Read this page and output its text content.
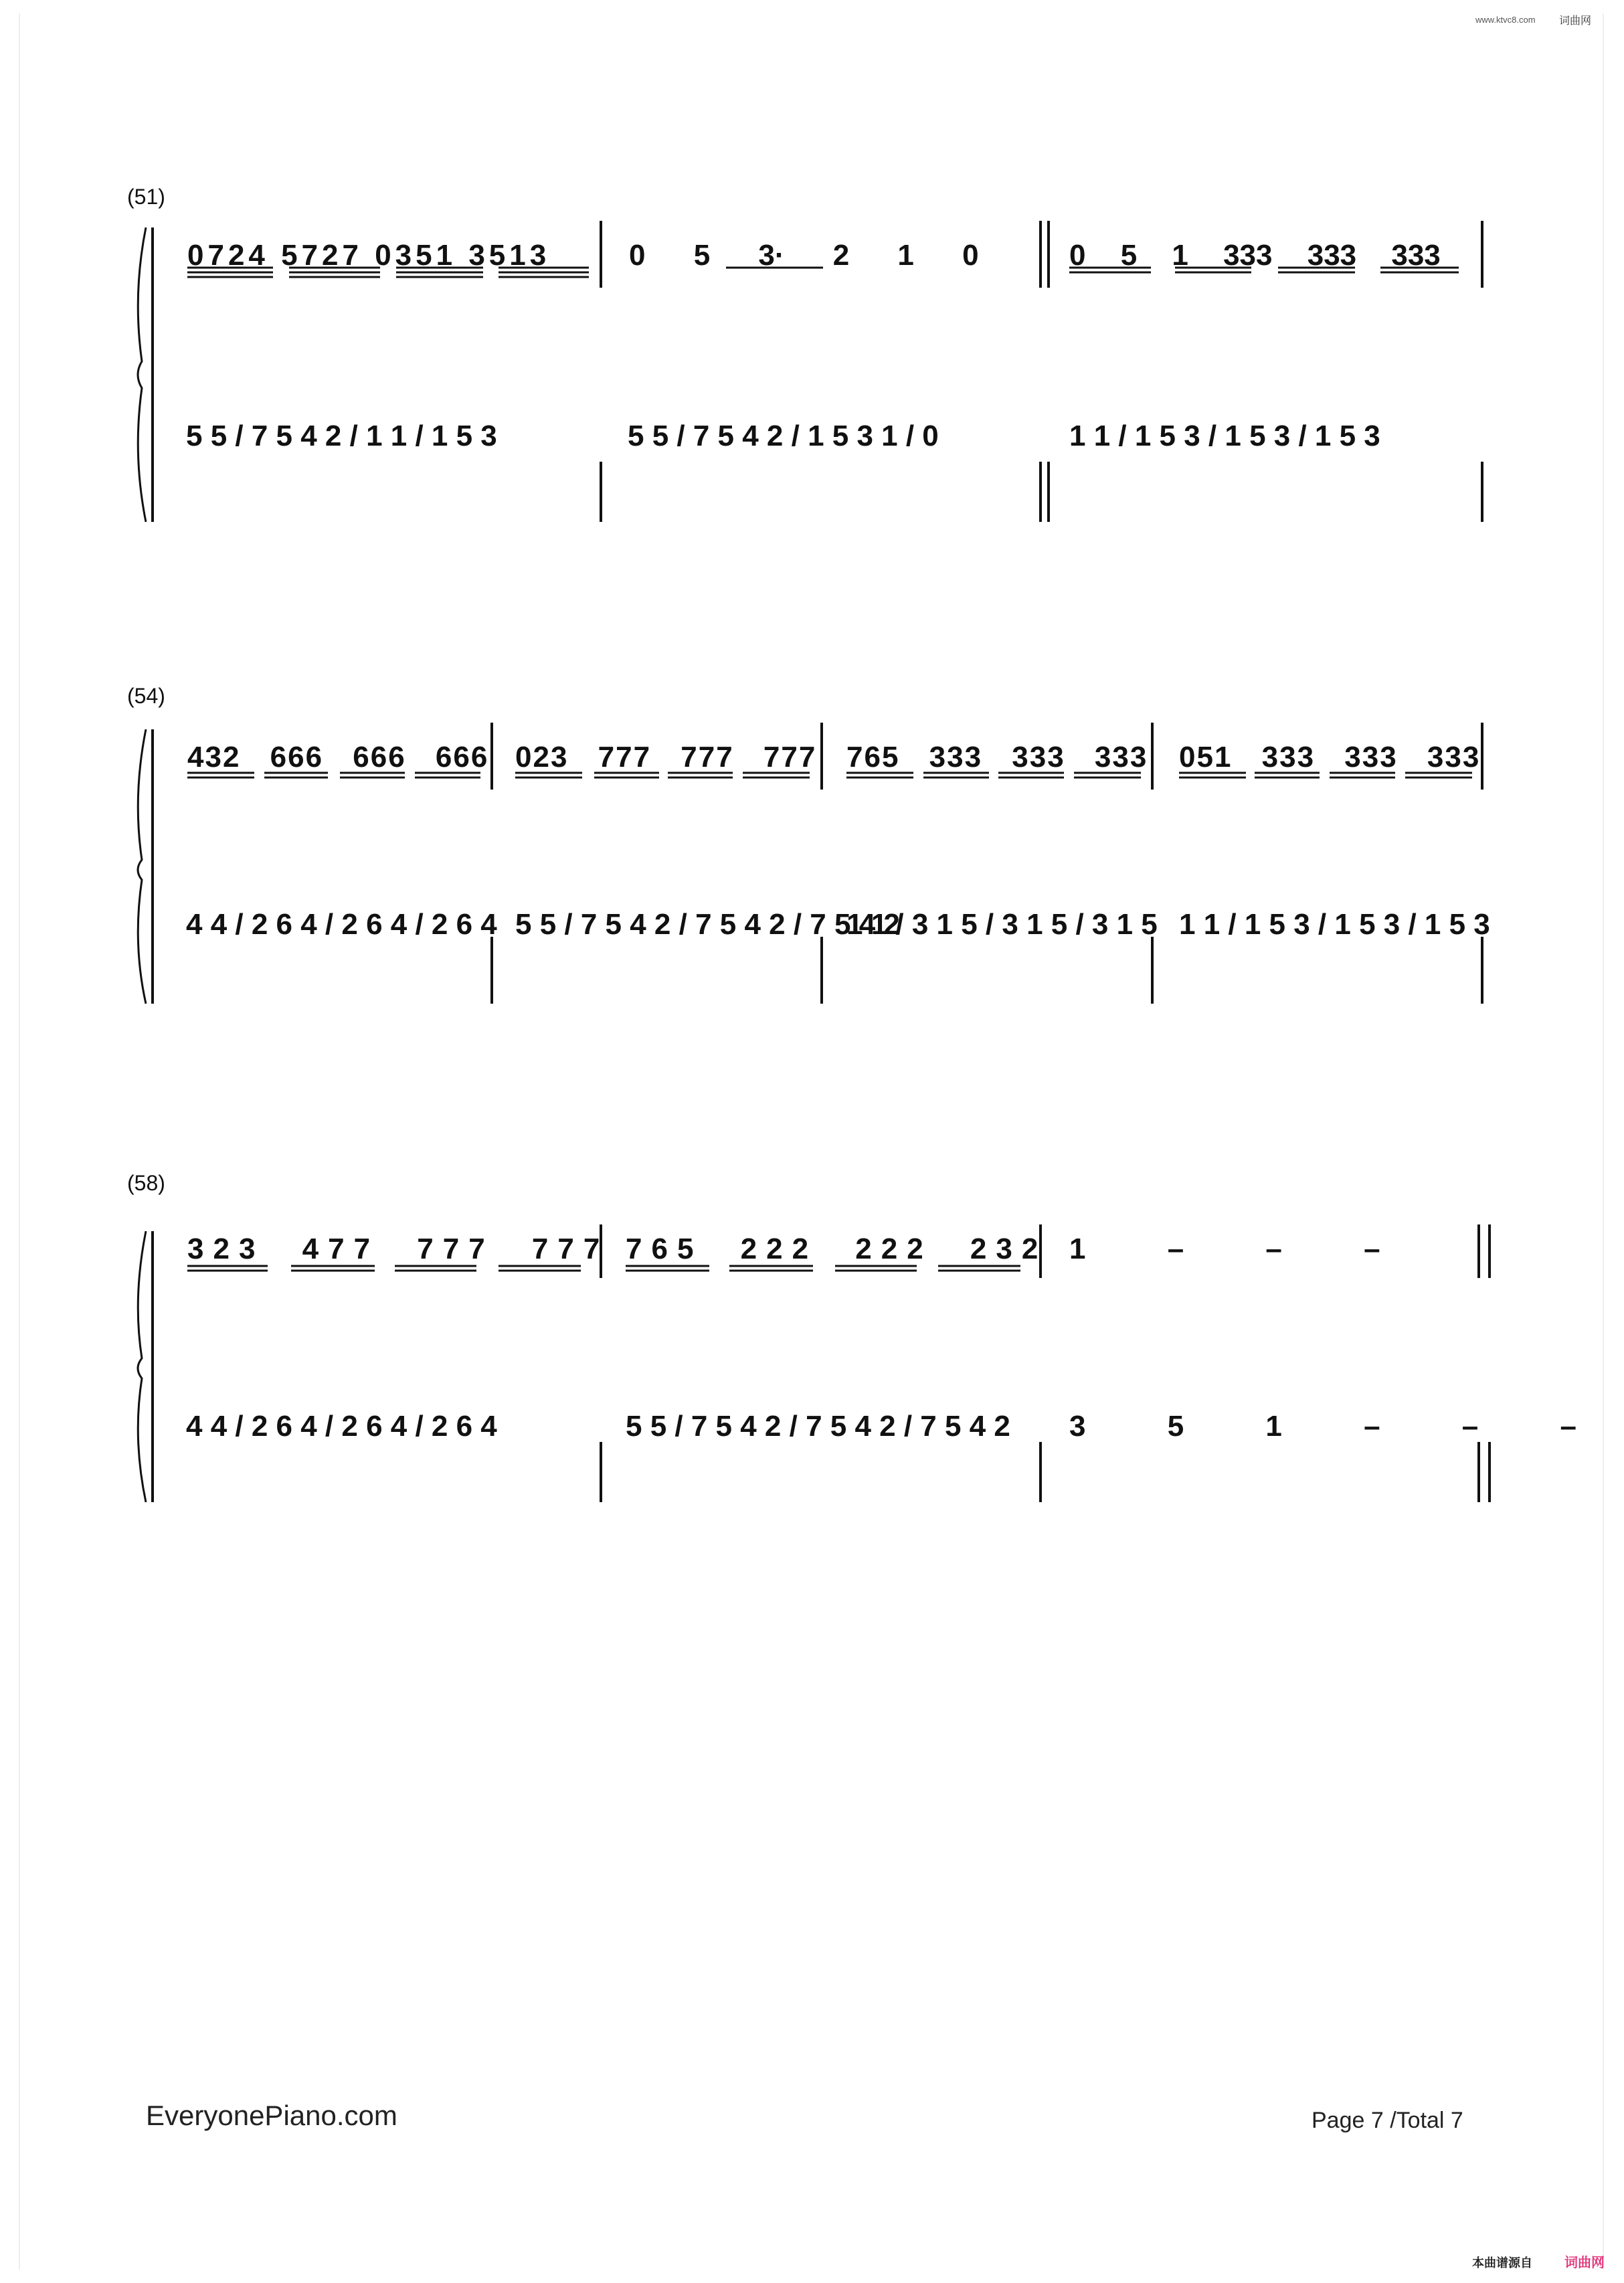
www.ktvc8.com 词曲网
(51)
0724 5727 0351 3513	0 5 3· 2 1 0	0 5 1 333 333 333
5 5 / 7 5 4 2 / 1 1 / 1 5 3	5 5 / 7 5 4 2 / 1 5 3 1 / 0	1 1 / 1 5 3 / 1 5 3 / 1 5 3
(54)
432 666 666 666 023 777 777 777 765 333 333 333 051 333 333 333
4 4 / 2 6 4 / 2 6 4 / 2 6 4 5 5 / 7 5 4 2 / 7 5 4 2 / 7 5 4 2
1 1 / 3 1 5 / 3 1 5 / 3 1 5 1 1 / 1 5 3 / 1 5 3 / 1 5 3
(58)
323 477 777 777 765 222 222 232 1 – – –
4 4 / 2 6 4 / 2 6 4 / 2 6 4	5 5 / 7 5 4 2 / 7 5 4 2 / 7 5 4 2 3 5 1 – – –
EveryonePiano.com	Page 7 /Total 7
本曲谱源自 词曲网
